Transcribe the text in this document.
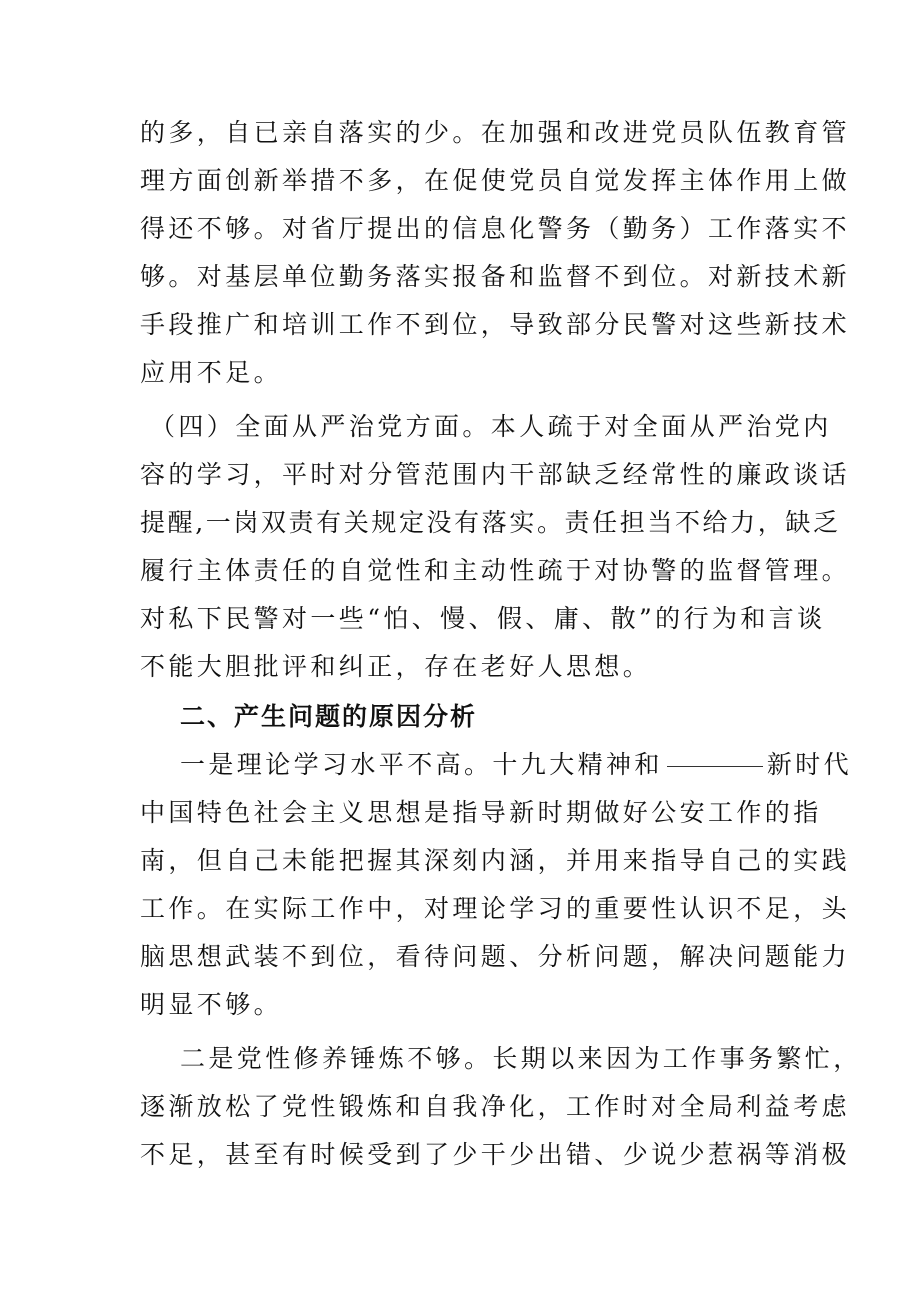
的多，自已亲自落实的少。在加强和改进党员队伍教育管
理方面创新举措不多，在促使党员自觉发挥主体作用上做
得还不够。对省厅提出的信息化警务（勤务）工作落实不
够。对基层单位勤务落实报备和监督不到位。对新技术新
手段推广和培训工作不到位，导致部分民警对这些新技术
应用不足。
（四）全面从严治党方面。本人疏于对全面从严治党内
容的学习，平时对分管范围内干部缺乏经常性的廉政谈话
提醒,一岗双责有关规定没有落实。责任担当不给力，缺乏
履行主体责任的自觉性和主动性疏于对协警的监督管理。
对私下民警对一些“怕、慢、假、庸、散”的行为和言谈
不能大胆批评和纠正，存在老好人思想。
二、产生问题的原因分析
一是理论学习水平不高。十九大精神和	新时代
中国特色社会主义思想是指导新时期做好公安工作的指
南，但自己未能把握其深刻内涵，并用来指导自己的实践
工作。在实际工作中，对理论学习的重要性认识不足，头
脑思想武装不到位，看待问题、分析问题，解决问题能力
明显不够。
二是党性修养锤炼不够。长期以来因为工作事务繁忙，
逐渐放松了党性锻炼和自我净化，工作时对全局利益考虑
不足，甚至有时候受到了少干少出错、少说少惹祸等消极
